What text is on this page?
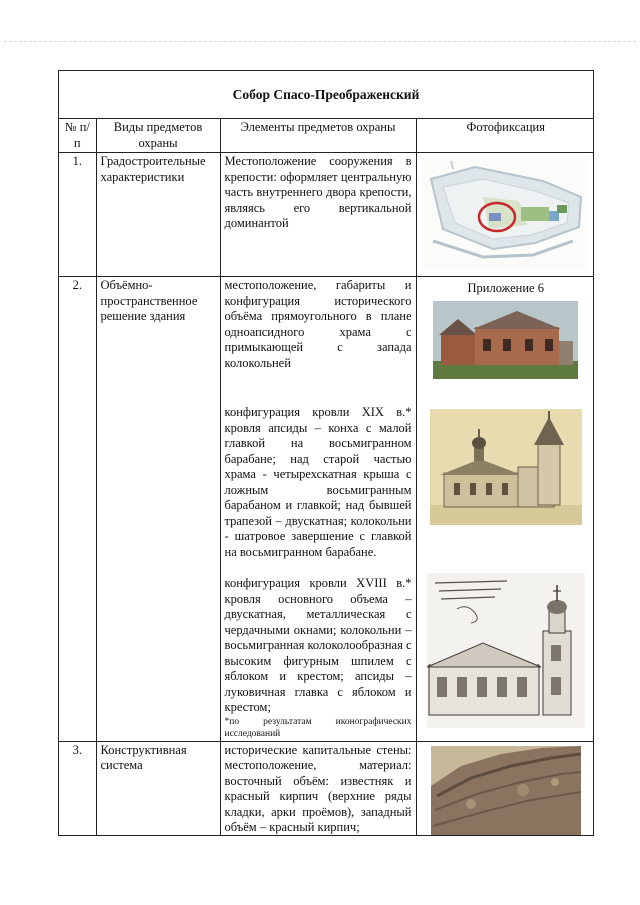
Собор Спасо-Преображенский
№ п/п	Виды предметов охраны	Элементы предметов охраны	Фотофиксация
1.	Градостроительные характеристики	Местоположение сооружения в крепости: оформляет центральную часть внутреннего двора крепости, являясь его вертикальной доминантой	

2.	Объёмно-пространственное решение здания	местоположение, габариты и конфигурация исторического объёма прямоугольного в плане одноапсидного храма с примыкающей с запада колокольней
конфигурация кровли XIX в.* кровля апсиды – конха с малой главкой на восьмигранном барабане; над старой частью храма - четырехскатная крыша с ложным восьмигранным барабаном и главкой; над бывшей трапезой – двускатная; колокольни - шатровое завершение с главкой на восьмигранном барабане.
конфигурация кровли XVIII в.* кровля основного объема – двускатная, металлическая с чердачными окнами; колокольни – восьмигранная колоколообразная с высоким фигурным шпилем с яблоком и крестом; апсиды – луковичная главка с яблоком и крестом;
*по результатам иконографических исследований	Приложение 6

3.	Конструктивная система	исторические капитальные стены: местоположение, материал: восточный объём: известняк и красный кирпич (верхние ряды кладки, арки проёмов), западный объём – красный кирпич;	
